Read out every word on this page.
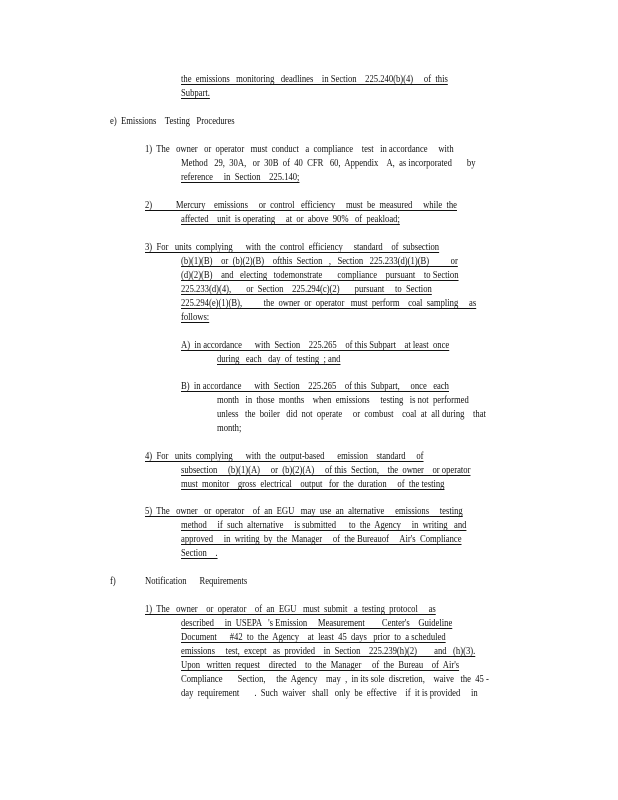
the  emissions   monitoring   deadlines    in Section    225.240(b)(4)     of  this
Subpart.
e)  Emissions    Testing   Procedures
1)  The   owner   or  operator   must  conduct   a  compliance    test   in accordance     with
Method   29,  30A,   or  30B  of  40  CFR   60,  Appendix    A,  as incorporated       by
reference     in  Section    225.140;
2)           Mercury    emissions     or  control   efficiency     must  be  measured     while  the
affected    unit  is operating     at  or  above  90%   of  peakload;
3)  For   units  complying      with  the  control  efficiency     standard    of  subsection
(b)(1)(B)    or  (b)(2)(B)    ofthis  Section   ,   Section   225.233(d)(1)(B)          or
(d)(2)(B)    and   electing   todemonstrate       compliance    pursuant    to Section
225.233(d)(4),       or  Section    225.294(c)(2)       pursuant     to  Section
225.294(e)(1)(B),          the  owner  or  operator   must  perform    coal  sampling     as
follows:
A)  in accordance      with  Section    225.265    of this Subpart    at least  once
during   each   day  of  testing  ; and
B)  in accordance      with  Section    225.265    of this  Subpart,     once   each
month   in  those  months    when  emissions     testing   is not  performed
unless   the  boiler   did  not  operate     or  combust    coal  at  all during    that
month;
4)  For   units  complying      with  the  output-based      emission    standard     of
subsection     (b)(1)(A)     or  (b)(2)(A)     of this  Section,    the  owner    or operator
must  monitor    gross  electrical    output   for  the  duration     of  the testing
5)  The   owner   or  operator    of  an  EGU   may  use  an  alternative     emissions     testing
method     if  such  alternative     is submitted      to  the  Agency     in  writing   and
approved     in  writing  by  the  Manager     of  the Bureauof     Air's  Compliance
Section    .
f)	Notification      Requirements
1)  The   owner    or  operator    of  an  EGU   must  submit   a  testing  protocol     as
described     in  USEPA   's Emission     Measurement        Center's    Guideline
Document      #42  to  the  Agency    at  least  45  days   prior  to  a scheduled
emissions     test,  except   as  provided    in  Section    225.239(h)(2)        and   (h)(3).
Upon   written  request    directed    to  the  Manager     of  the  Bureau    of  Air's
Compliance       Section,     the  Agency    may  ,  in its sole  discretion,    waive   the  45 -
day  requirement       .  Such  waiver   shall   only  be  effective    if  it is provided     in
